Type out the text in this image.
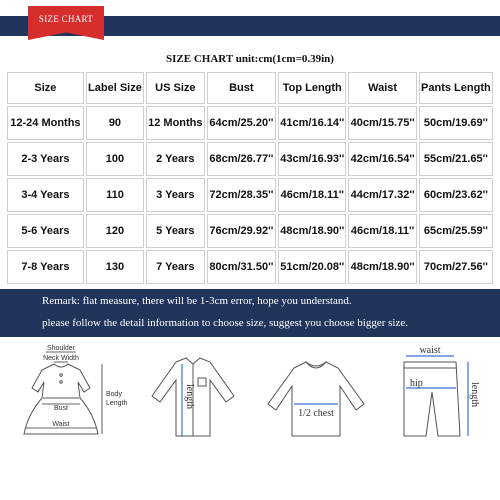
SIZE CHART
SIZE CHART unit:cm(1cm=0.39in)
Size	Label Size	US Size	Bust	Top Length	Waist	Pants Length
12-24 Months	90	12 Months	64cm/25.20''	41cm/16.14''	40cm/15.75''	50cm/19.69''
2-3 Years	100	2 Years	68cm/26.77''	43cm/16.93''	42cm/16.54''	55cm/21.65''
3-4 Years	110	3 Years	72cm/28.35''	46cm/18.11''	44cm/17.32''	60cm/23.62''
5-6 Years	120	5 Years	76cm/29.92''	48cm/18.90''	46cm/18.11''	65cm/25.59''
7-8 Years	130	7 Years	80cm/31.50''	51cm/20.08''	48cm/18.90''	70cm/27.56''
Remark: flat measure, there will be 1-3cm error, hope you understand.
please follow the detail information to choose size, suggest you choose bigger size.
Shoulder
Neck Width
Bust
Waist
Body
Length	length
1/2 chest
waist
hip	length
